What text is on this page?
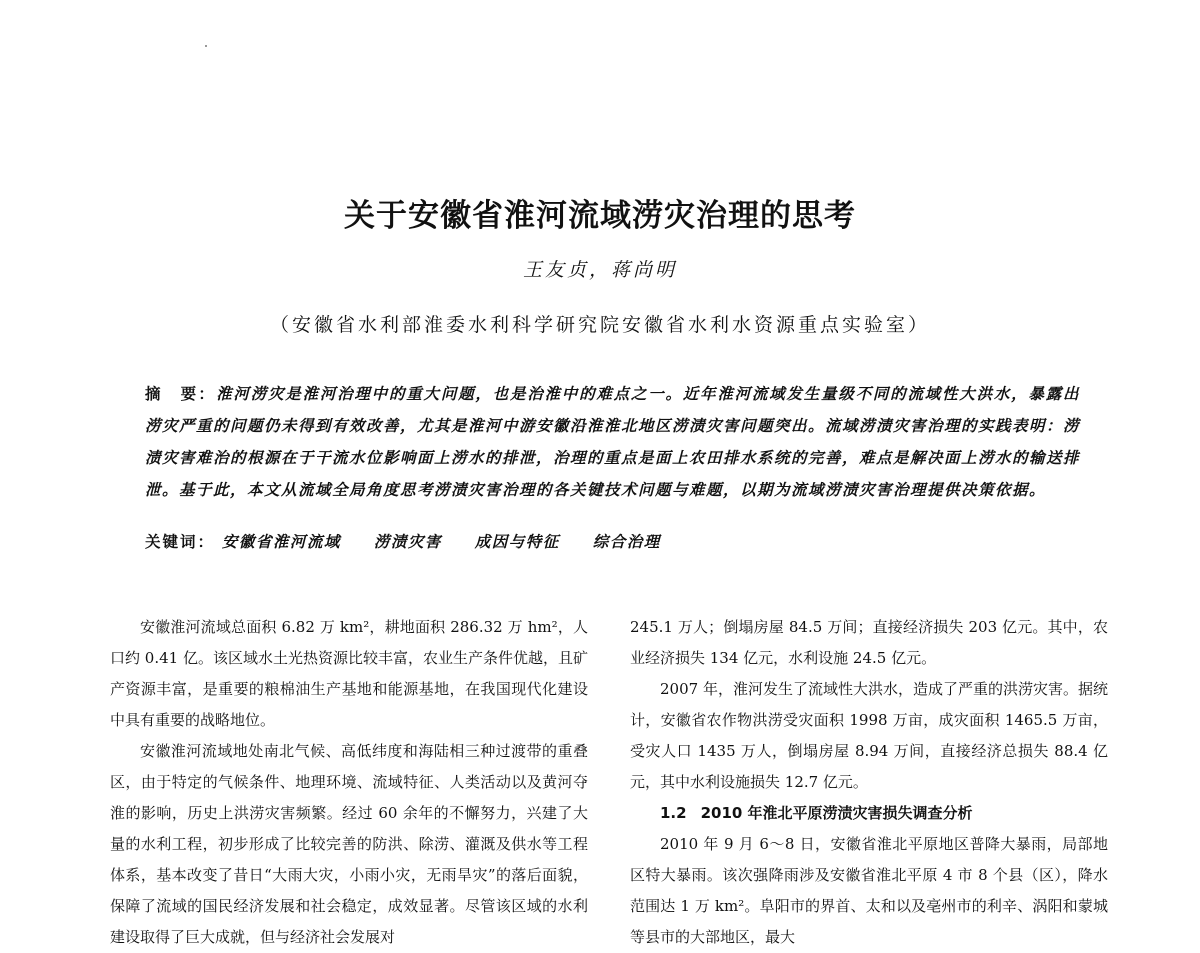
关于安徽省淮河流域涝灾治理的思考
王友贞，蒋尚明
（安徽省水利部淮委水利科学研究院安徽省水利水资源重点实验室）
摘　要：淮河涝灾是淮河治理中的重大问题，也是治淮中的难点之一。近年淮河流域发生量级不同的流域性大洪水，暴露出涝灾严重的问题仍未得到有效改善，尤其是淮河中游安徽沿淮淮北地区涝渍灾害问题突出。流域涝渍灾害治理的实践表明：涝渍灾害难治的根源在于干流水位影响面上涝水的排泄，治理的重点是面上农田排水系统的完善，难点是解决面上涝水的输送排泄。基于此，本文从流域全局角度思考涝渍灾害治理的各关键技术问题与难题，以期为流域涝渍灾害治理提供决策依据。
关键词： 安徽省淮河流域 涝渍灾害 成因与特征 综合治理

安徽淮河流域总面积 6.82 万 km²，耕地面积 286.32 万 hm²，人口约 0.41 亿。该区域水土光热资源比较丰富，农业生产条件优越，且矿产资源丰富，是重要的粮棉油生产基地和能源基地，在我国现代化建设中具有重要的战略地位。

安徽淮河流域地处南北气候、高低纬度和海陆相三种过渡带的重叠区，由于特定的气候条件、地理环境、流域特征、人类活动以及黄河夺淮的影响，历史上洪涝灾害频繁。经过 60 余年的不懈努力，兴建了大量的水利工程，初步形成了比较完善的防洪、除涝、灌溉及供水等工程体系，基本改变了昔日“大雨大灾，小雨小灾，无雨旱灾”的落后面貌，保障了流域的国民经济发展和社会稳定，成效显著。尽管该区域的水利建设取得了巨大成就，但与经济社会发展对

245.1 万人；倒塌房屋 84.5 万间；直接经济损失 203 亿元。其中，农业经济损失 134 亿元，水利设施 24.5 亿元。

2007 年，淮河发生了流域性大洪水，造成了严重的洪涝灾害。据统计，安徽省农作物洪涝受灾面积 1998 万亩，成灾面积 1465.5 万亩，受灾人口 1435 万人，倒塌房屋 8.94 万间，直接经济总损失 88.4 亿元，其中水利设施损失 12.7 亿元。

1.2 2010 年淮北平原涝渍灾害损失调查分析

2010 年 9 月 6～8 日，安徽省淮北平原地区普降大暴雨，局部地区特大暴雨。该次强降雨涉及安徽省淮北平原 4 市 8 个县（区），降水范围达 1 万 km²。阜阳市的界首、太和以及亳州市的利辛、涡阳和蒙城等县市的大部地区，最大
